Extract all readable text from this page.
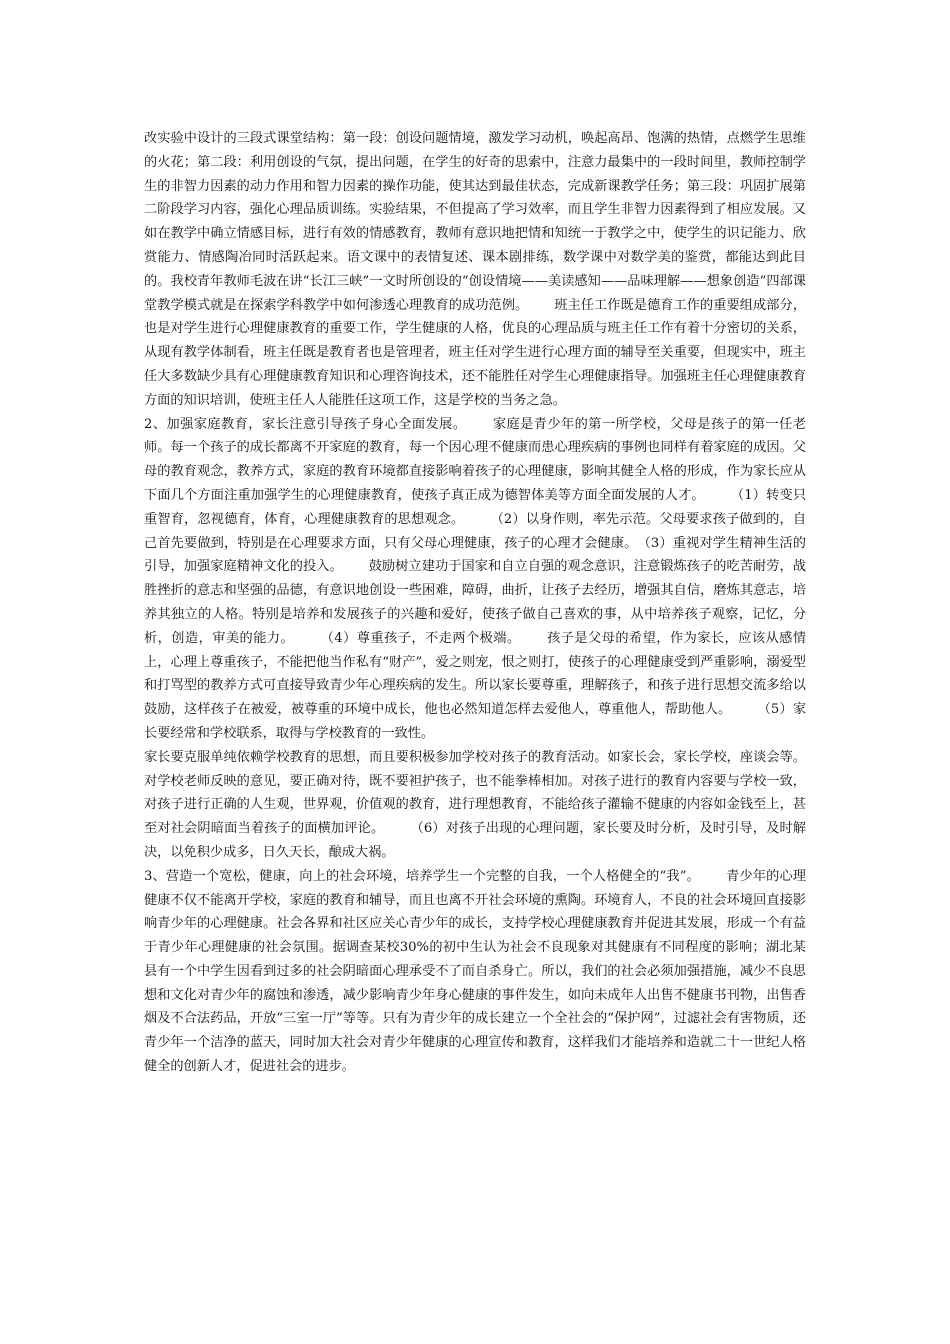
改实验中设计的三段式课堂结构：第一段：创设问题情境，激发学习动机，唤起高昂、饱满的热情，点燃学生思维的火花；第二段：利用创设的气氛，提出问题，在学生的好奇的思索中，注意力最集中的一段时间里，教师控制学生的非智力因素的动力作用和智力因素的操作功能，使其达到最佳状态，完成新课教学任务；第三段：巩固扩展第二阶段学习内容，强化心理品质训练。实验结果，不但提高了学习效率，而且学生非智力因素得到了相应发展。又如在教学中确立情感目标，进行有效的情感教育，教师有意识地把情和知统一于教学之中，使学生的识记能力、欣赏能力、情感陶冶同时活跃起来。语文课中的表情复述、课本剧排练，数学课中对数学美的鉴赏，都能达到此目的。我校青年教师毛波在讲“长江三峡”一文时所创设的“创设情境——美读感知——品味理解——想象创造”四部课堂教学模式就是在探索学科教学中如何渗透心理教育的成功范例。 班主任工作既是德育工作的重要组成部分，也是对学生进行心理健康教育的重要工作，学生健康的人格，优良的心理品质与班主任工作有着十分密切的关系，从现有教学体制看，班主任既是教育者也是管理者，班主任对学生进行心理方面的辅导至关重要，但现实中，班主任大多数缺少具有心理健康教育知识和心理咨询技术，还不能胜任对学生心理健康指导。加强班主任心理健康教育方面的知识培训，使班主任人人能胜任这项工作，这是学校的当务之急。

2、加强家庭教育，家长注意引导孩子身心全面发展。 家庭是青少年的第一所学校，父母是孩子的第一任老师。每一个孩子的成长都离不开家庭的教育，每一个因心理不健康而患心理疾病的事例也同样有着家庭的成因。父母的教育观念，教养方式，家庭的教育环境都直接影响着孩子的心理健康，影响其健全人格的形成，作为家长应从下面几个方面注重加强学生的心理健康教育，使孩子真正成为德智体美等方面全面发展的人才。 （1）转变只重智育，忽视德育，体育，心理健康教育的思想观念。 （2）以身作则，率先示范。父母要求孩子做到的，自己首先要做到，特别是在心理要求方面，只有父母心理健康，孩子的心理才会健康。　 （3）重视对学生精神生活的引导，加强家庭精神文化的投入。 鼓励树立建功于国家和自立自强的观念意识，注意锻炼孩子的吃苦耐劳，战胜挫折的意志和坚强的品德，有意识地创设一些困难，障碍，曲折，让孩子去经历，增强其自信，磨炼其意志，培养其独立的人格。特别是培养和发展孩子的兴趣和爱好，使孩子做自己喜欢的事，从中培养孩子观察，记忆，分析，创造，审美的能力。 （4）尊重孩子，不走两个极端。 孩子是父母的希望，作为家长，应该从感情上，心理上尊重孩子，不能把他当作私有“财产”，爱之则宠，恨之则打，使孩子的心理健康受到严重影响，溺爱型和打骂型的教养方式可直接导致青少年心理疾病的发生。所以家长要尊重，理解孩子，和孩子进行思想交流多给以鼓励，这样孩子在被爱，被尊重的环境中成长，他也必然知道怎样去爱他人，尊重他人，帮助他人。 （5）家长要经常和学校联系，取得与学校教育的一致性。
家长要克服单纯依赖学校教育的思想，而且要积极参加学校对孩子的教育活动。如家长会，家长学校，座谈会等。对学校老师反映的意见，要正确对待，既不要袒护孩子，也不能拳棒相加。对孩子进行的教育内容要与学校一致，对孩子进行正确的人生观，世界观，价值观的教育，进行理想教育，不能给孩子灌输不健康的内容如金钱至上，甚至对社会阴暗面当着孩子的面横加评论。 （6）对孩子出现的心理问题，家长要及时分析，及时引导，及时解决，以免积少成多，日久天长，酿成大祸。

3、营造一个宽松，健康，向上的社会环境，培养学生一个完整的自我，一个人格健全的“我”。 青少年的心理健康不仅不能离开学校，家庭的教育和辅导，而且也离不开社会环境的熏陶。环境育人，不良的社会环境回直接影响青少年的心理健康。社会各界和社区应关心青少年的成长，支持学校心理健康教育并促进其发展，形成一个有益于青少年心理健康的社会氛围。据调查某校30%的初中生认为社会不良现象对其健康有不同程度的影响；湖北某县有一个中学生因看到过多的社会阴暗面心理承受不了而自杀身亡。所以，我们的社会必须加强措施，减少不良思想和文化对青少年的腐蚀和渗透，减少影响青少年身心健康的事件发生，如向未成年人出售不健康书刊物，出售香烟及不合法药品，开放“三室一厅”等等。只有为青少年的成长建立一个全社会的“保护网”，过滤社会有害物质，还青少年一个洁净的蓝天，同时加大社会对青少年健康的心理宣传和教育，这样我们才能培养和造就二十一世纪人格健全的创新人才，促进社会的进步。
